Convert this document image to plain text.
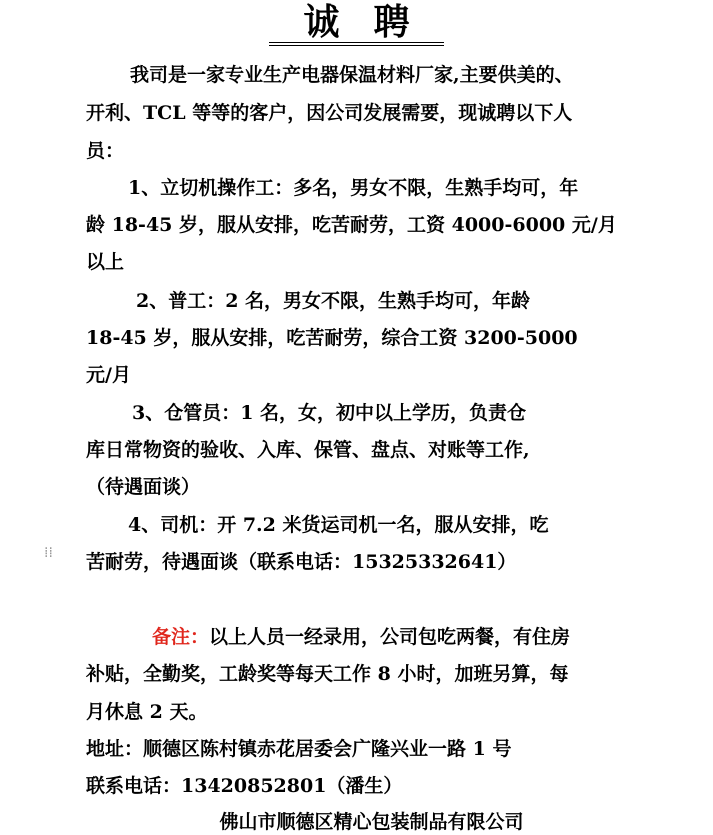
诚聘
我司是一家专业生产电器保温材料厂家,主要供美的、
开利、TCL 等等的客户，因公司发展需要，现诚聘以下人
员：
1、立切机操作工：多名，男女不限，生熟手均可，年
龄 18-45 岁，服从安排，吃苦耐劳，工资 4000-6000 元/月
以上
2、普工：2 名，男女不限，生熟手均可，年龄
18-45 岁，服从安排，吃苦耐劳，综合工资 3200-5000
元/月
3、仓管员：1 名，女，初中以上学历，负责仓
库日常物资的验收、入库、保管、盘点、对账等工作,
（待遇面谈）
4、司机：开 7.2 米货运司机一名，服从安排，吃
⁞⁞ 苦耐劳，待遇面谈（联系电话：15325332641）
备注：以上人员一经录用，公司包吃两餐，有住房
补贴，全勤奖，工龄奖等每天工作 8 小时，加班另算，每
月休息 2 天。
地址：顺德区陈村镇赤花居委会广隆兴业一路 1 号
联系电话：13420852801（潘生）
佛山市顺德区精心包装制品有限公司
